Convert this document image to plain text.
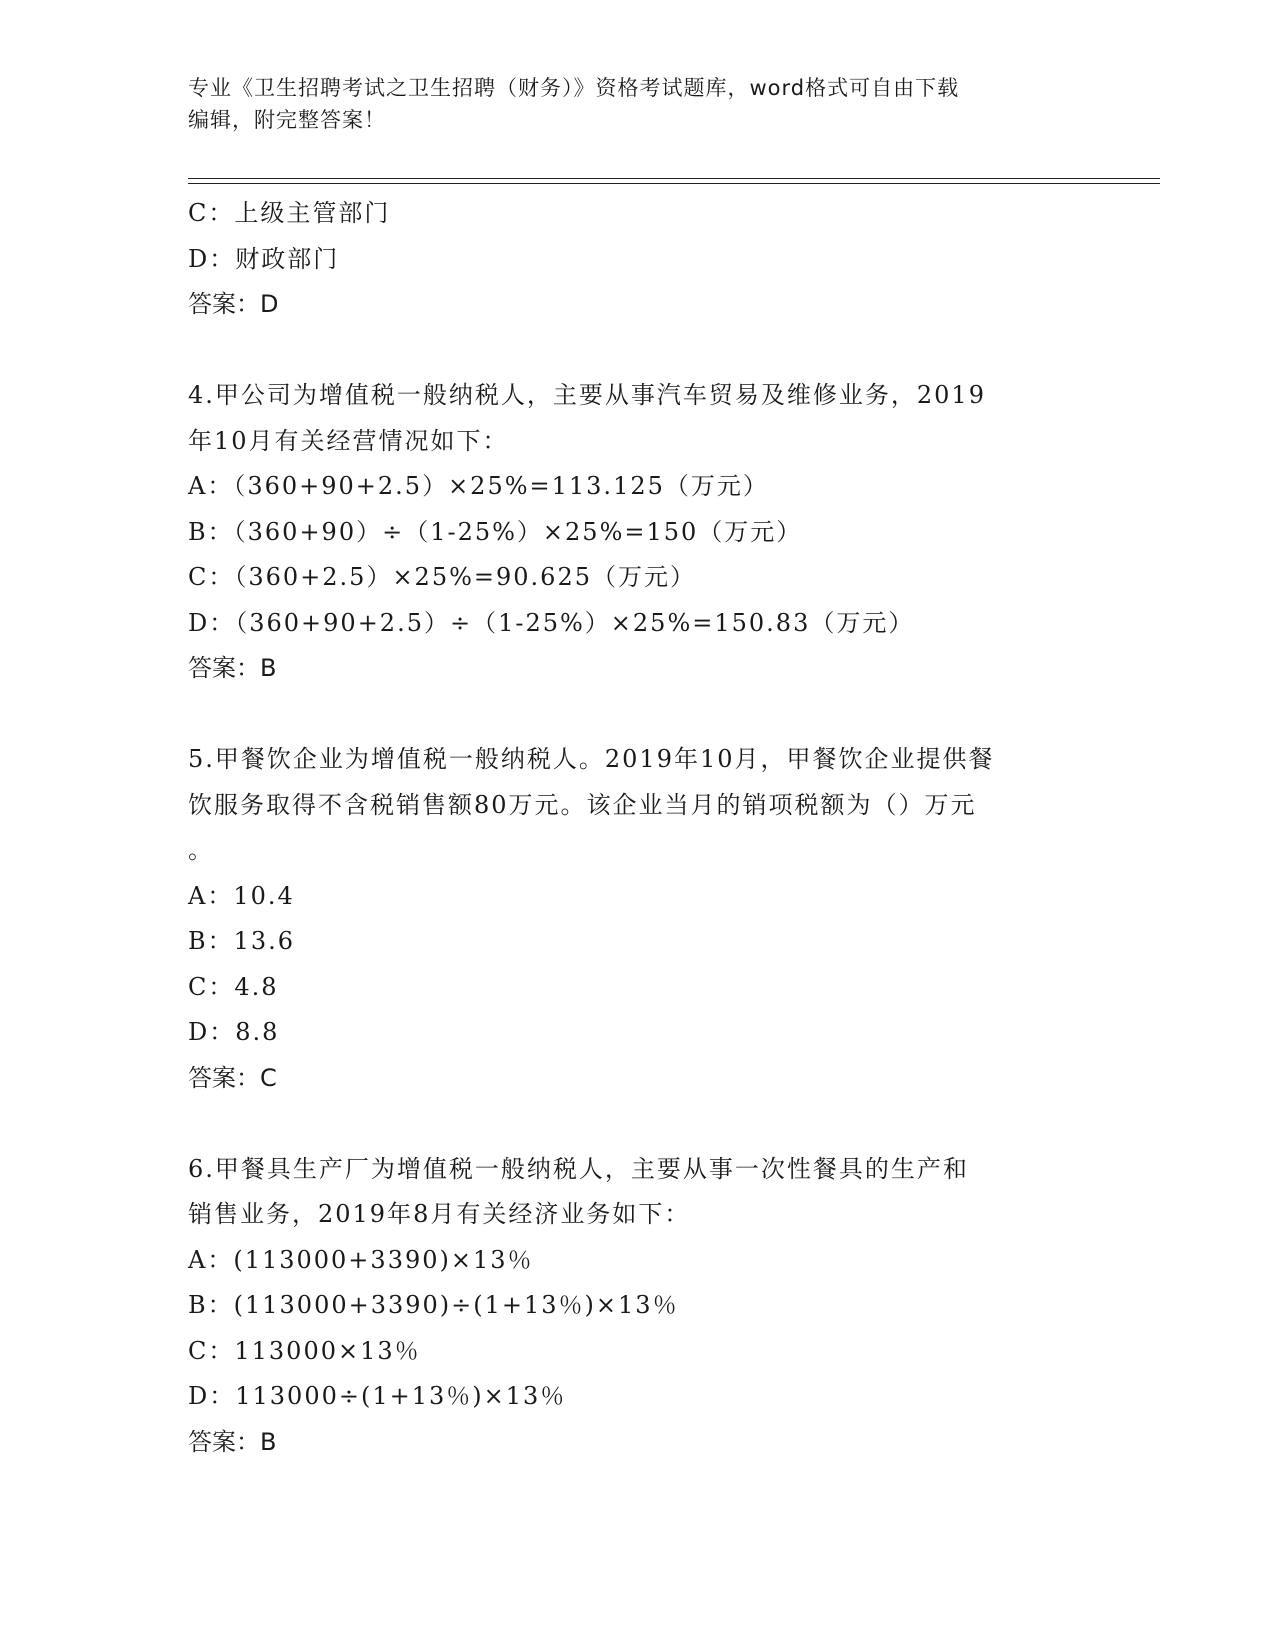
专业《卫生招聘考试之卫生招聘（财务）》资格考试题库，word格式可自由下载
编辑，附完整答案！
C：上级主管部门
D：财政部门
答案：D
4.甲公司为增值税一般纳税人，主要从事汽车贸易及维修业务，2019
年10月有关经营情况如下：
A：（360+90+2.5）×25%=113.125（万元）
B：（360+90）÷（1-25%）×25%=150（万元）
C：（360+2.5）×25%=90.625（万元）
D：（360+90+2.5）÷（1-25%）×25%=150.83（万元）
答案：B
5.甲餐饮企业为增值税一般纳税人。2019年10月，甲餐饮企业提供餐
饮服务取得不含税销售额80万元。该企业当月的销项税额为（）万元
。
A：10.4
B：13.6
C：4.8
D：8.8
答案：C
6.甲餐具生产厂为增值税一般纳税人，主要从事一次性餐具的生产和
销售业务，2019年8月有关经济业务如下：
A：(113000+3390)×13％
B：(113000+3390)÷(1+13％)×13％
C：113000×13％
D：113000÷(1+13％)×13％
答案：B
